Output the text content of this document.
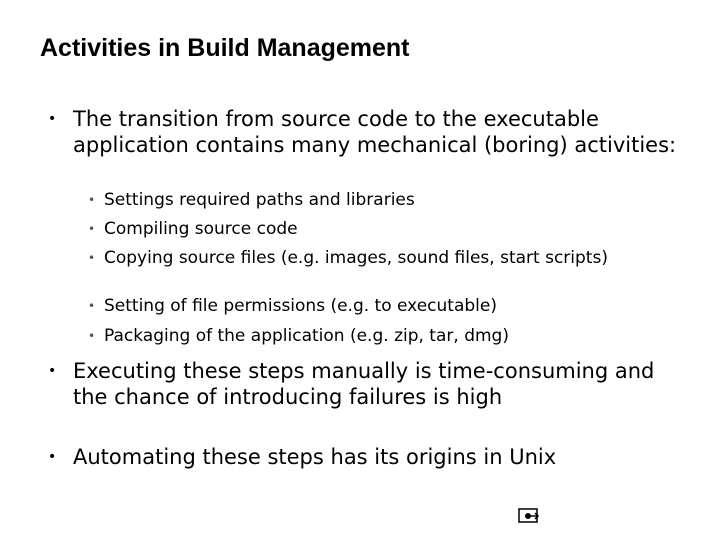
Activities in Build Management
• The transition from source code to the executable application contains many mechanical (boring) activities:
• Settings required paths and libraries
• Compiling source code
• Copying source files (e.g. images, sound files, start scripts)
• Setting of file permissions (e.g. to executable)
• Packaging of the application (e.g. zip, tar, dmg)
• Executing these steps manually is time-consuming and the chance of introducing failures is high
• Automating these steps has its origins in Unix
